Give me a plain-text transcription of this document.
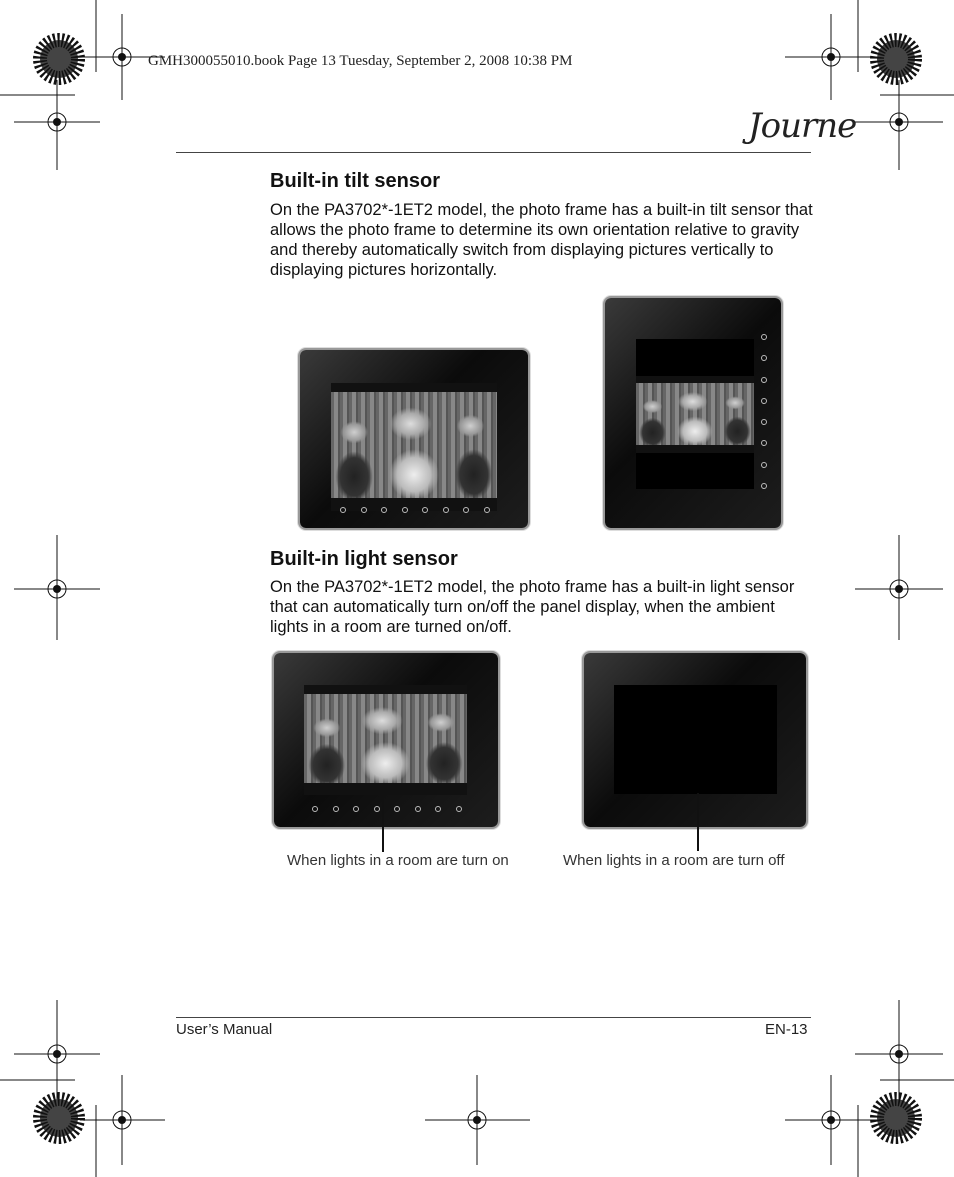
GMH300055010.book Page 13 Tuesday, September 2, 2008 10:38 PM
Journe
Built-in tilt sensor
On the PA3702*-1ET2 model, the photo frame has a built-in tilt sensor that allows the photo frame to determine its own orientation relative to gravity and thereby automatically switch from displaying pictures vertically to displaying pictures horizontally.
Built-in light sensor
On the PA3702*-1ET2 model, the photo frame has a built-in light sensor that can automatically turn on/off the panel display, when the ambient lights in a room are turned on/off.
When lights in a room are turn on	When lights in a room are turn off
User’s Manual	EN-13
